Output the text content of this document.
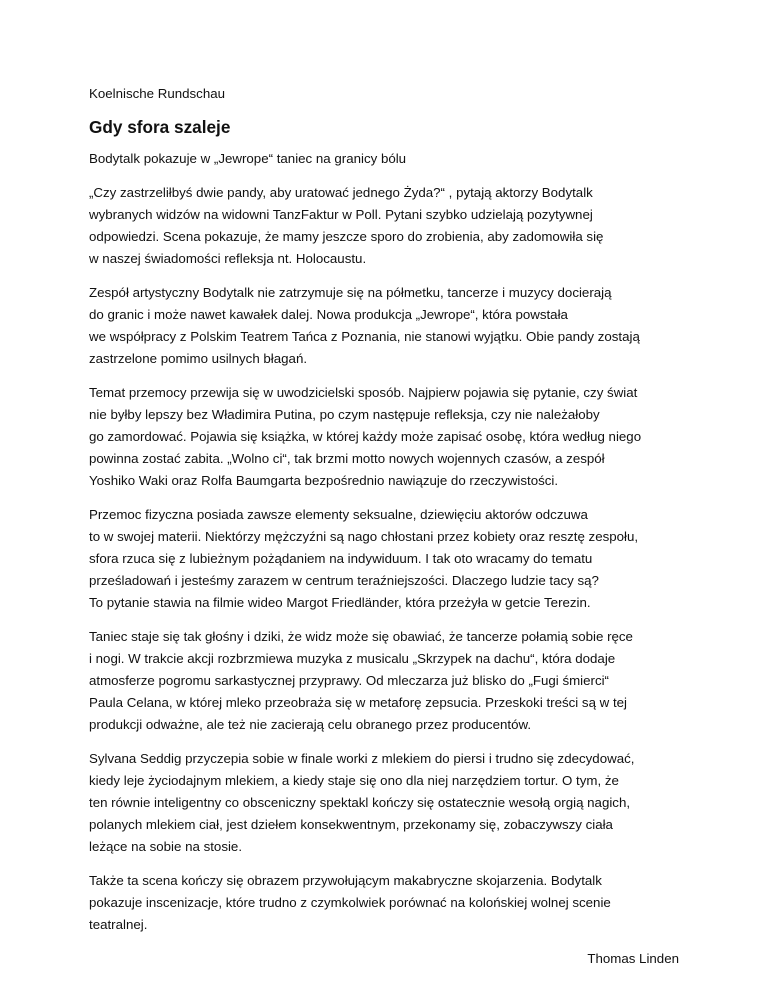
Koelnische Rundschau

Gdy sfora szaleje

Bodytalk pokazuje w „Jewrope“ taniec na granicy bólu

„Czy zastrzeliłbyś dwie pandy, aby uratować jednego Żyda?“ , pytają aktorzy Bodytalk
wybranych widzów na widowni TanzFaktur w Poll. Pytani szybko udzielają pozytywnej
odpowiedzi. Scena pokazuje, że mamy jeszcze sporo do zrobienia, aby zadomowiła się
w naszej świadomości refleksja nt. Holocaustu.
Zespół artystyczny Bodytalk nie zatrzymuje się na półmetku, tancerze i muzycy docierają
do granic i może nawet kawałek dalej. Nowa produkcja „Jewrope“, która powstała
we współpracy z Polskim Teatrem Tańca z Poznania, nie stanowi wyjątku. Obie pandy zostają
zastrzelone pomimo usilnych błagań.
Temat przemocy przewija się w uwodzicielski sposób. Najpierw pojawia się pytanie, czy świat
nie byłby lepszy bez Władimira Putina, po czym następuje refleksja, czy nie należałoby
go zamordować. Pojawia się książka, w której każdy może zapisać osobę, która według niego
powinna zostać zabita. „Wolno ci“, tak brzmi motto nowych wojennych czasów, a zespół
Yoshiko Waki oraz Rolfa Baumgarta bezpośrednio nawiązuje do rzeczywistości.
Przemoc fizyczna posiada zawsze elementy seksualne, dziewięciu aktorów odczuwa
to w swojej materii. Niektórzy mężczyźni są nago chłostani przez kobiety oraz resztę zespołu,
sfora rzuca się z lubieżnym pożądaniem na indywiduum. I tak oto wracamy do tematu
prześladowań i jesteśmy zarazem w centrum teraźniejszości. Dlaczego ludzie tacy są?
To pytanie stawia na filmie wideo Margot Friedländer, która przeżyła w getcie Terezin.
Taniec staje się tak głośny i dziki, że widz może się obawiać, że tancerze połamią sobie ręce
i nogi. W trakcie akcji rozbrzmiewa muzyka z musicalu „Skrzypek na dachu“, która dodaje
atmosferze pogromu sarkastycznej przyprawy. Od mleczarza już blisko do „Fugi śmierci“
Paula Celana, w której mleko przeobraża się w metaforę zepsucia. Przeskoki treści są w tej
produkcji odważne, ale też nie zacierają celu obranego przez producentów.
Sylvana Seddig przyczepia sobie w finale worki z mlekiem do piersi i trudno się zdecydować,
kiedy leje życiodajnym mlekiem, a kiedy staje się ono dla niej narzędziem tortur. O tym, że
ten równie inteligentny co obsceniczny spektakl kończy się ostatecznie wesołą orgią nagich,
polanych mlekiem ciał, jest dziełem konsekwentnym, przekonamy się, zobaczywszy ciała
leżące na sobie na stosie.
Także ta scena kończy się obrazem przywołującym makabryczne skojarzenia. Bodytalk
pokazuje inscenizacje, które trudno z czymkolwiek porównać na kolońskiej wolnej scenie
teatralnej.

Thomas Linden
